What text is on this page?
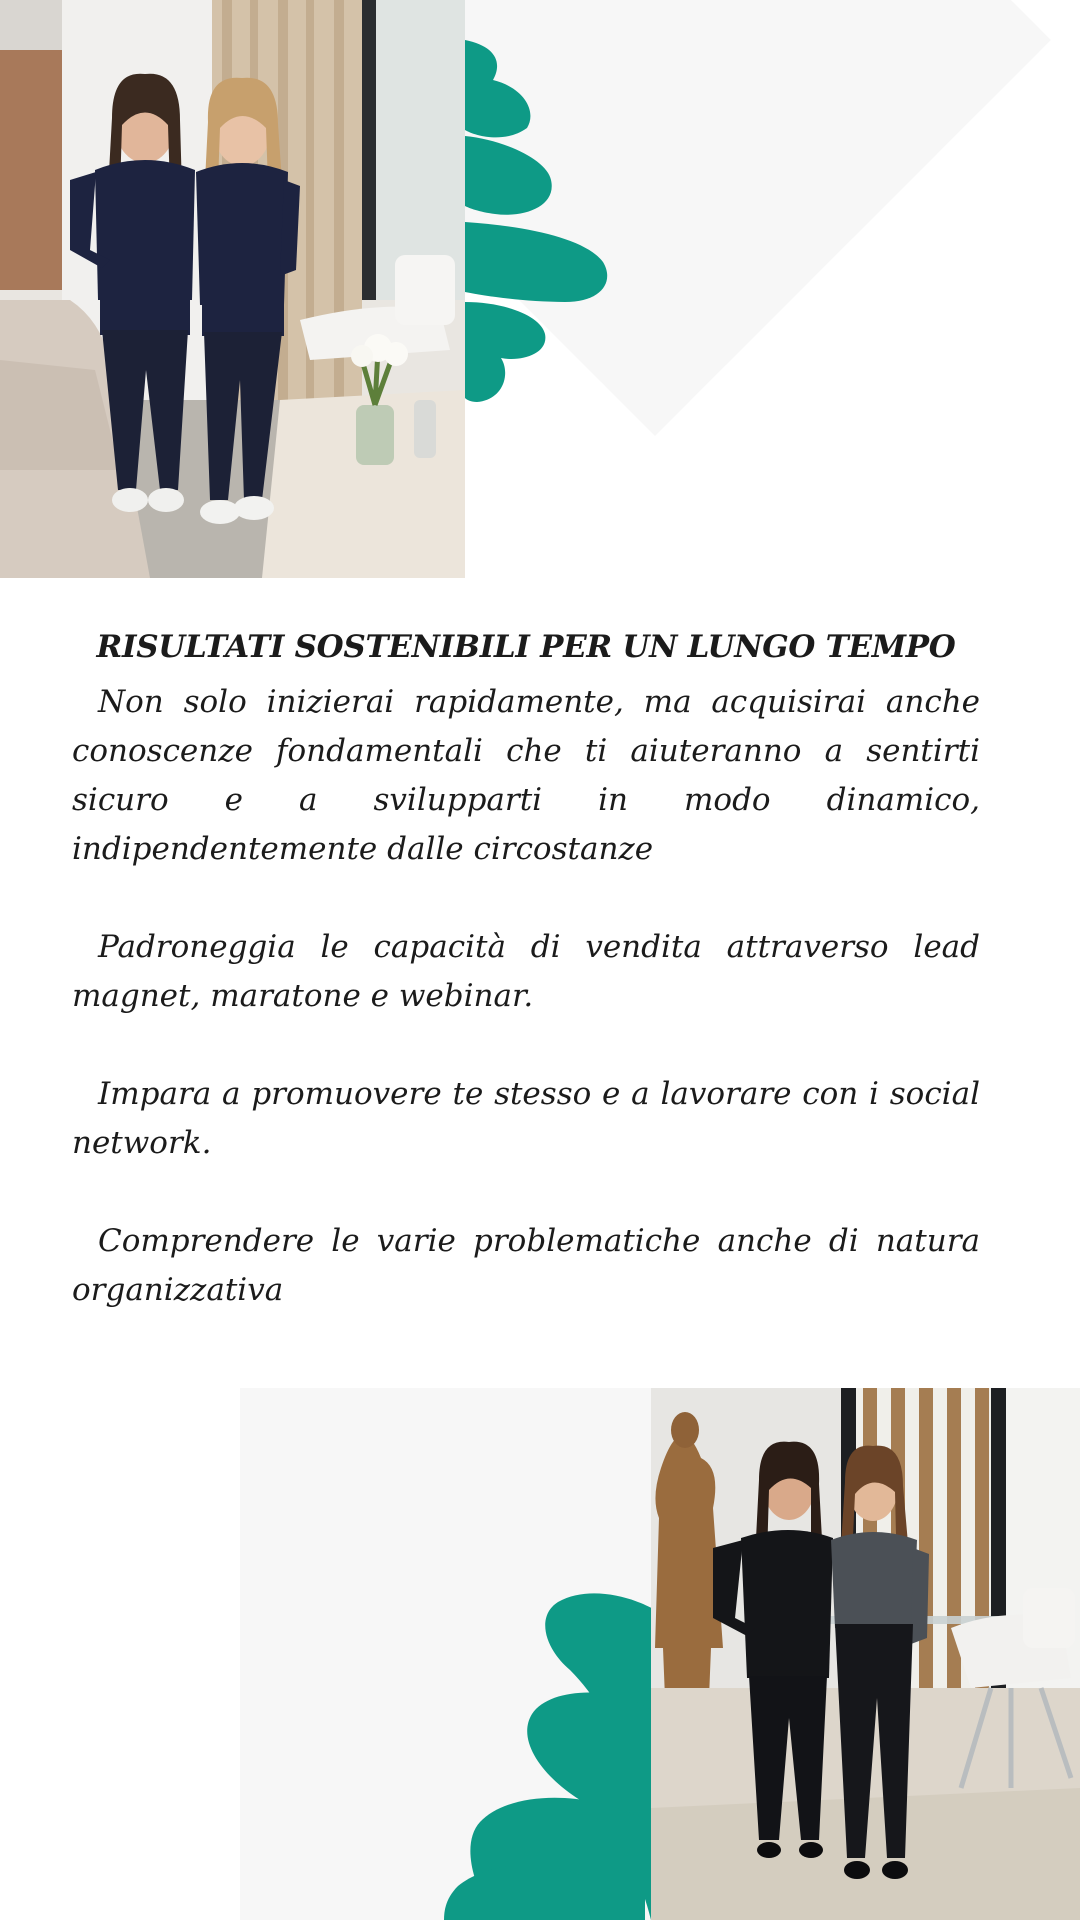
RISULTATI SOSTENIBILI PER UN LUNGO TEMPO

Non solo inizierai rapidamente, ma acquisirai anche conoscenze fondamentali che ti aiuteranno a sentirti sicuro e a svilupparti in modo dinamico, indipendentemente dalle circostanze

Padroneggia le capacità di vendita attraverso lead magnet, maratone e webinar.

Impara a promuovere te stesso e a lavorare con i social network.

Comprendere le varie problematiche anche di natura organizzativa
